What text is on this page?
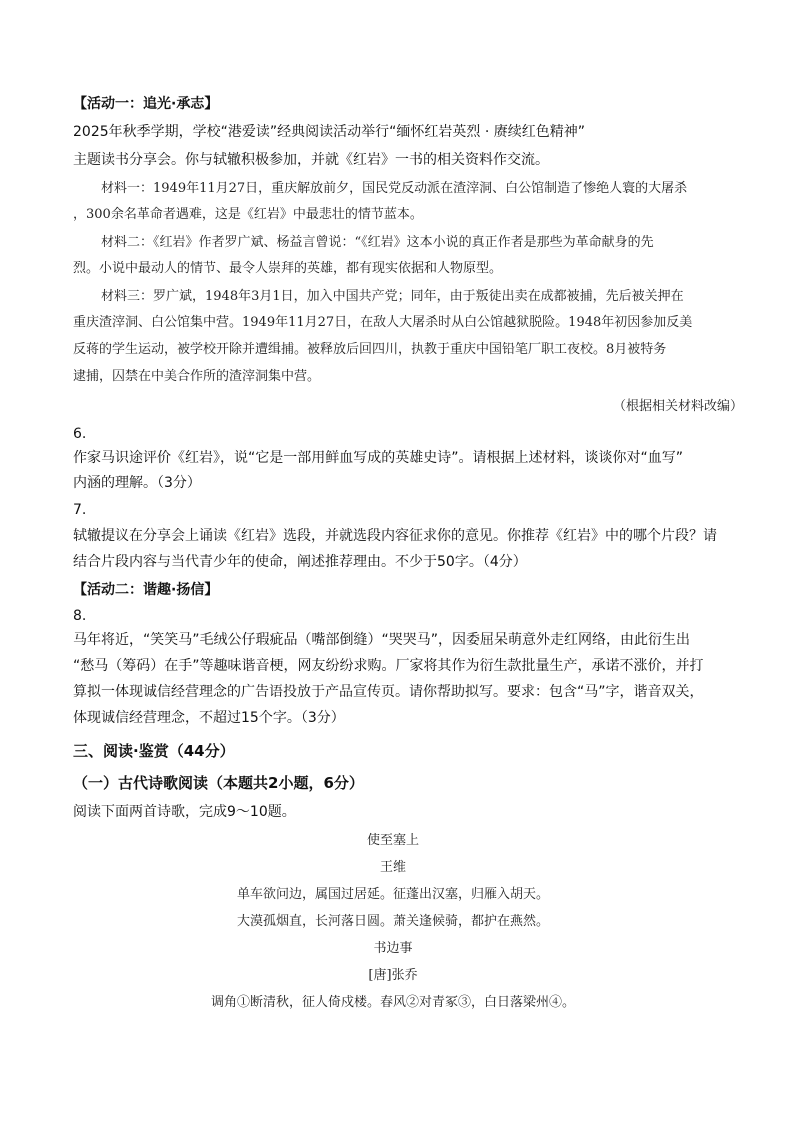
【活动一：追光·承志】
2025年秋季学期，学校“港爱读”经典阅读活动举行“缅怀红岩英烈 · 赓续红色精神”
主题读书分享会。你与轼辙积极参加，并就《红岩》一书的相关资料作交流。
材料一：1949年11月27日，重庆解放前夕，国民党反动派在渣滓洞、白公馆制造了惨绝人寰的大屠杀
，300余名革命者遇难，这是《红岩》中最悲壮的情节蓝本。
材料二：《红岩》作者罗广斌、杨益言曾说：“《红岩》这本小说的真正作者是那些为革命献身的先
烈。小说中最动人的情节、最令人崇拜的英雄，都有现实依据和人物原型。
材料三：罗广斌，1948年3月1日，加入中国共产党；同年，由于叛徒出卖在成都被捕，先后被关押在
重庆渣滓洞、白公馆集中营。1949年11月27日，在敌人大屠杀时从白公馆越狱脱险。1948年初因参加反美
反蒋的学生运动，被学校开除并遭缉捕。被释放后回四川，执教于重庆中国铅笔厂职工夜校。8月被特务
逮捕，囚禁在中美合作所的渣滓洞集中营。
（根据相关材料改编）
6.
作家马识途评价《红岩》，说“它是一部用鲜血写成的英雄史诗”。请根据上述材料，谈谈你对“血写”
内涵的理解。（3分）
7.
轼辙提议在分享会上诵读《红岩》选段，并就选段内容征求你的意见。你推荐《红岩》中的哪个片段？请
结合片段内容与当代青少年的使命，阐述推荐理由。不少于50字。（4分）
【活动二：谐趣·扬信】
8.
马年将近，“笑笑马”毛绒公仔瑕疵品（嘴部倒缝）“哭哭马”，因委屈呆萌意外走红网络，由此衍生出
“愁马（筹码）在手”等趣味谐音梗，网友纷纷求购。厂家将其作为衍生款批量生产，承诺不涨价，并打
算拟一体现诚信经营理念的广告语投放于产品宣传页。请你帮助拟写。要求：包含“马”字，谐音双关，
体现诚信经营理念，不超过15个字。（3分）
三、阅读·鉴赏（44分）
（一）古代诗歌阅读（本题共2小题，6分）
阅读下面两首诗歌，完成9～10题。
使至塞上
王维
单车欲问边，属国过居延。征蓬出汉塞，归雁入胡天。
大漠孤烟直，长河落日圆。萧关逢候骑，都护在燕然。
书边事
[唐]张乔
调角①断清秋，征人倚戍楼。春风②对青冢③，白日落梁州④。
